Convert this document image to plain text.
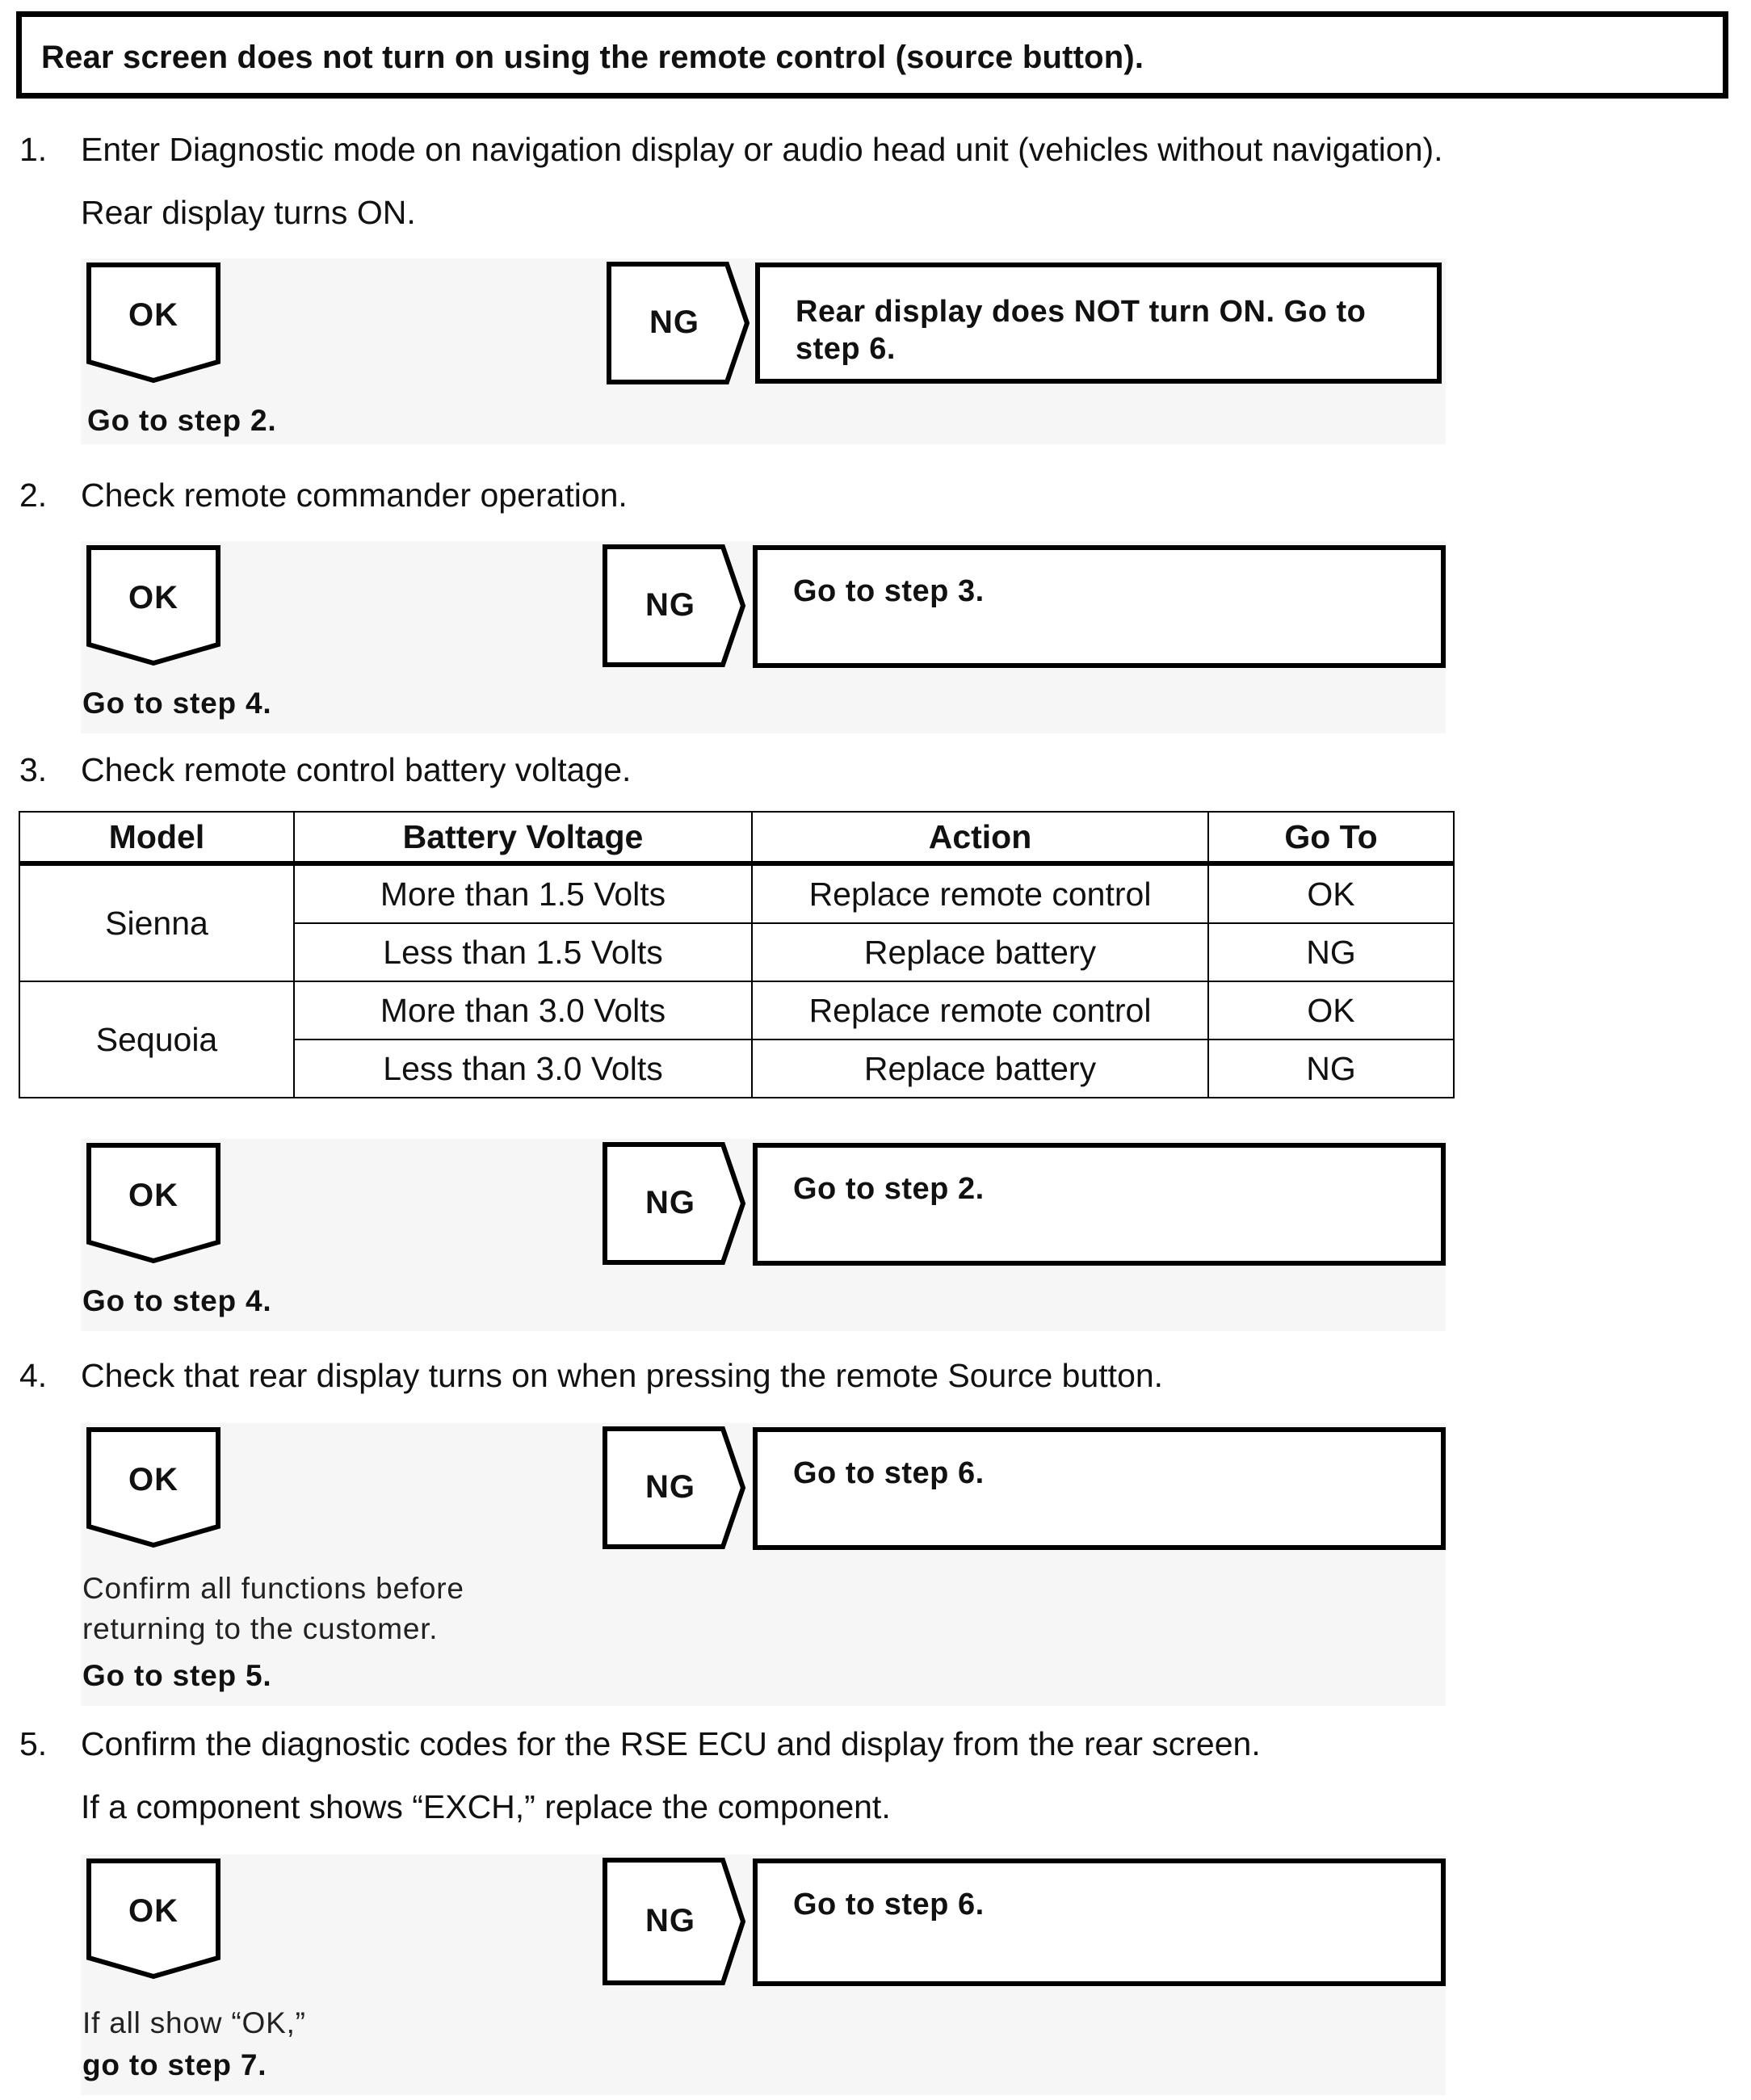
Rear screen does not turn on using the remote control (source button).
1. Enter Diagnostic mode on navigation display or audio head unit (vehicles without navigation).
Rear display turns ON.
OK	NG	Rear display does NOT turn ON. Go to step 6.
Go to step 2.
2. Check remote commander operation.
OK	NG	Go to step 3.
Go to step 4.
3. Check remote control battery voltage.
Model	Battery Voltage	Action	Go To
Sienna	More than 1.5 Volts	Replace remote control	OK
	Less than 1.5 Volts	Replace battery	NG
Sequoia	More than 3.0 Volts	Replace remote control	OK
	Less than 3.0 Volts	Replace battery	NG
OK	NG	Go to step 2.
Go to step 4.
4. Check that rear display turns on when pressing the remote Source button.
OK	NG	Go to step 6.
Confirm all functions before
returning to the customer.
Go to step 5.
5. Confirm the diagnostic codes for the RSE ECU and display from the rear screen.
If a component shows “EXCH,” replace the component.
OK	NG	Go to step 6.
If all show “OK,”
go to step 7.
